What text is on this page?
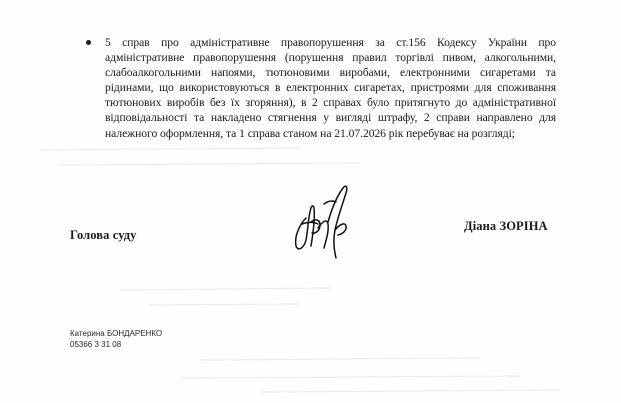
5 справ про адміністративне правопорушення за ст.156 Кодексу України про адміністративне правопорушення (порушення правил торгівлі пивом, алкогольними, слабоалкогольними напоями, тютюновими виробами, електронними сигаретами та рідинами, що використовуються в електронних сигаретах, пристроями для споживання тютюнових виробів без їх згоряння), в 2 справах було притягнуто до адміністративної відповідальності та накладено стягнення у вигляді штрафу, 2 справи направлено для належного оформлення, та 1 справа станом на 21.07.2026 рік перебуває на розгляді;
Голова суду
Діана ЗОРІНА
Катерина БОНДАРЕНКО
05366 3 31 08
